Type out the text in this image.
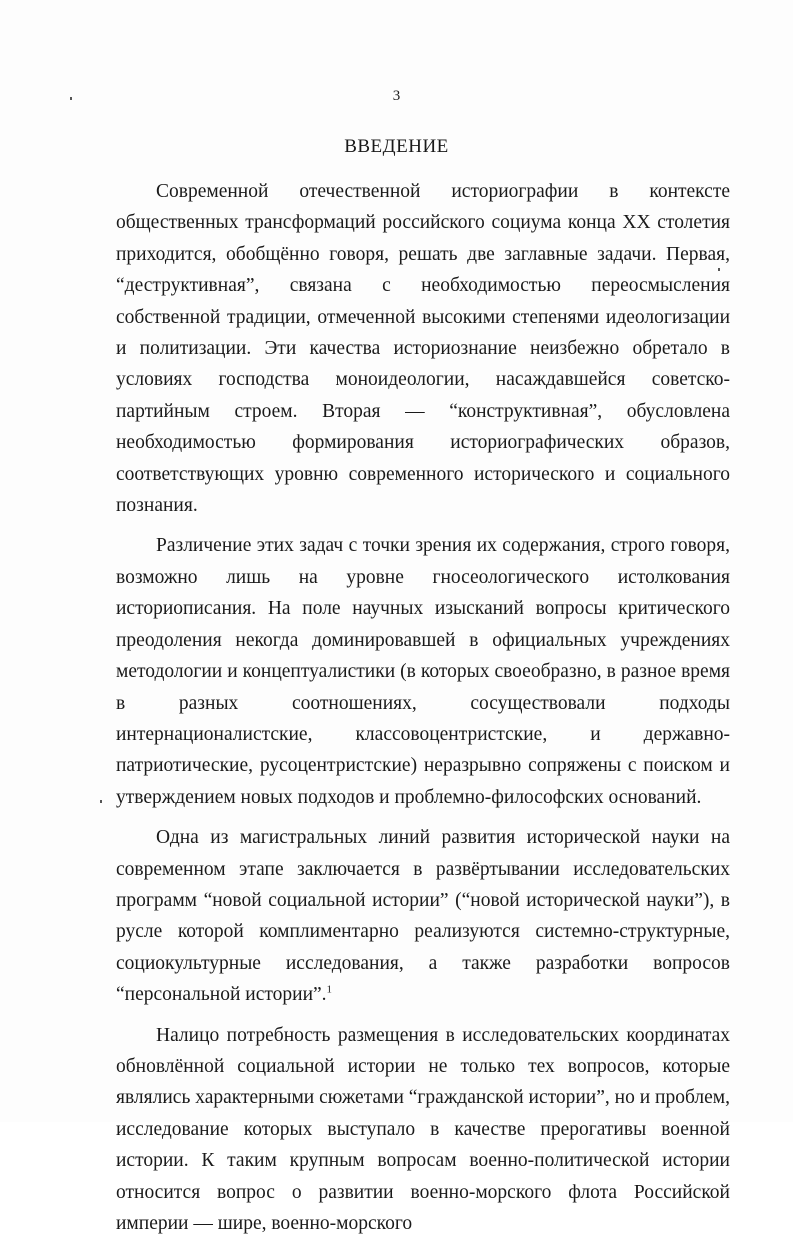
3
ВВЕДЕНИЕ

Современной отечественной историографии в контексте общественных трансформаций российского социума конца XX столетия приходится, обобщённо говоря, решать две заглавные задачи. Первая, “деструктивная”, связана с необходимостью переосмысления собственной традиции, отмеченной высокими степенями идеологизации и политизации. Эти качества историознание неизбежно обретало в условиях господства моноидеологии, насаждавшейся советско-партийным строем. Вторая — “конструктивная”, обусловлена необходимостью формирования историографических образов, соответствующих уровню современного исторического и социального познания.

Различение этих задач с точки зрения их содержания, строго говоря, возможно лишь на уровне гносеологического истолкования историописания. На поле научных изысканий вопросы критического преодоления некогда доминировавшей в официальных учреждениях методологии и концептуалистики (в которых своеобразно, в разное время в разных соотношениях, сосуществовали подходы интернационалистские, классовоцентристские, и державно-патриотические, русоцентристские) неразрывно сопряжены с поиском и утверждением новых подходов и проблемно-философских оснований.

Одна из магистральных линий развития исторической науки на современном этапе заключается в развёртывании исследовательских программ “новой социальной истории” (“новой исторической науки”), в русле которой комплиментарно реализуются системно-структурные, социокультурные исследования, а также разработки вопросов “персональной истории”.$^1$

Налицо потребность размещения в исследовательских координатах обновлённой социальной истории не только тех вопросов, которые являлись характерными сюжетами “гражданской истории”, но и проблем, исследование которых выступало в качестве прерогативы военной истории. К таким крупным вопросам военно-политической истории относится вопрос о развитии военно-морского флота Российской империи — шире, военно-морского
